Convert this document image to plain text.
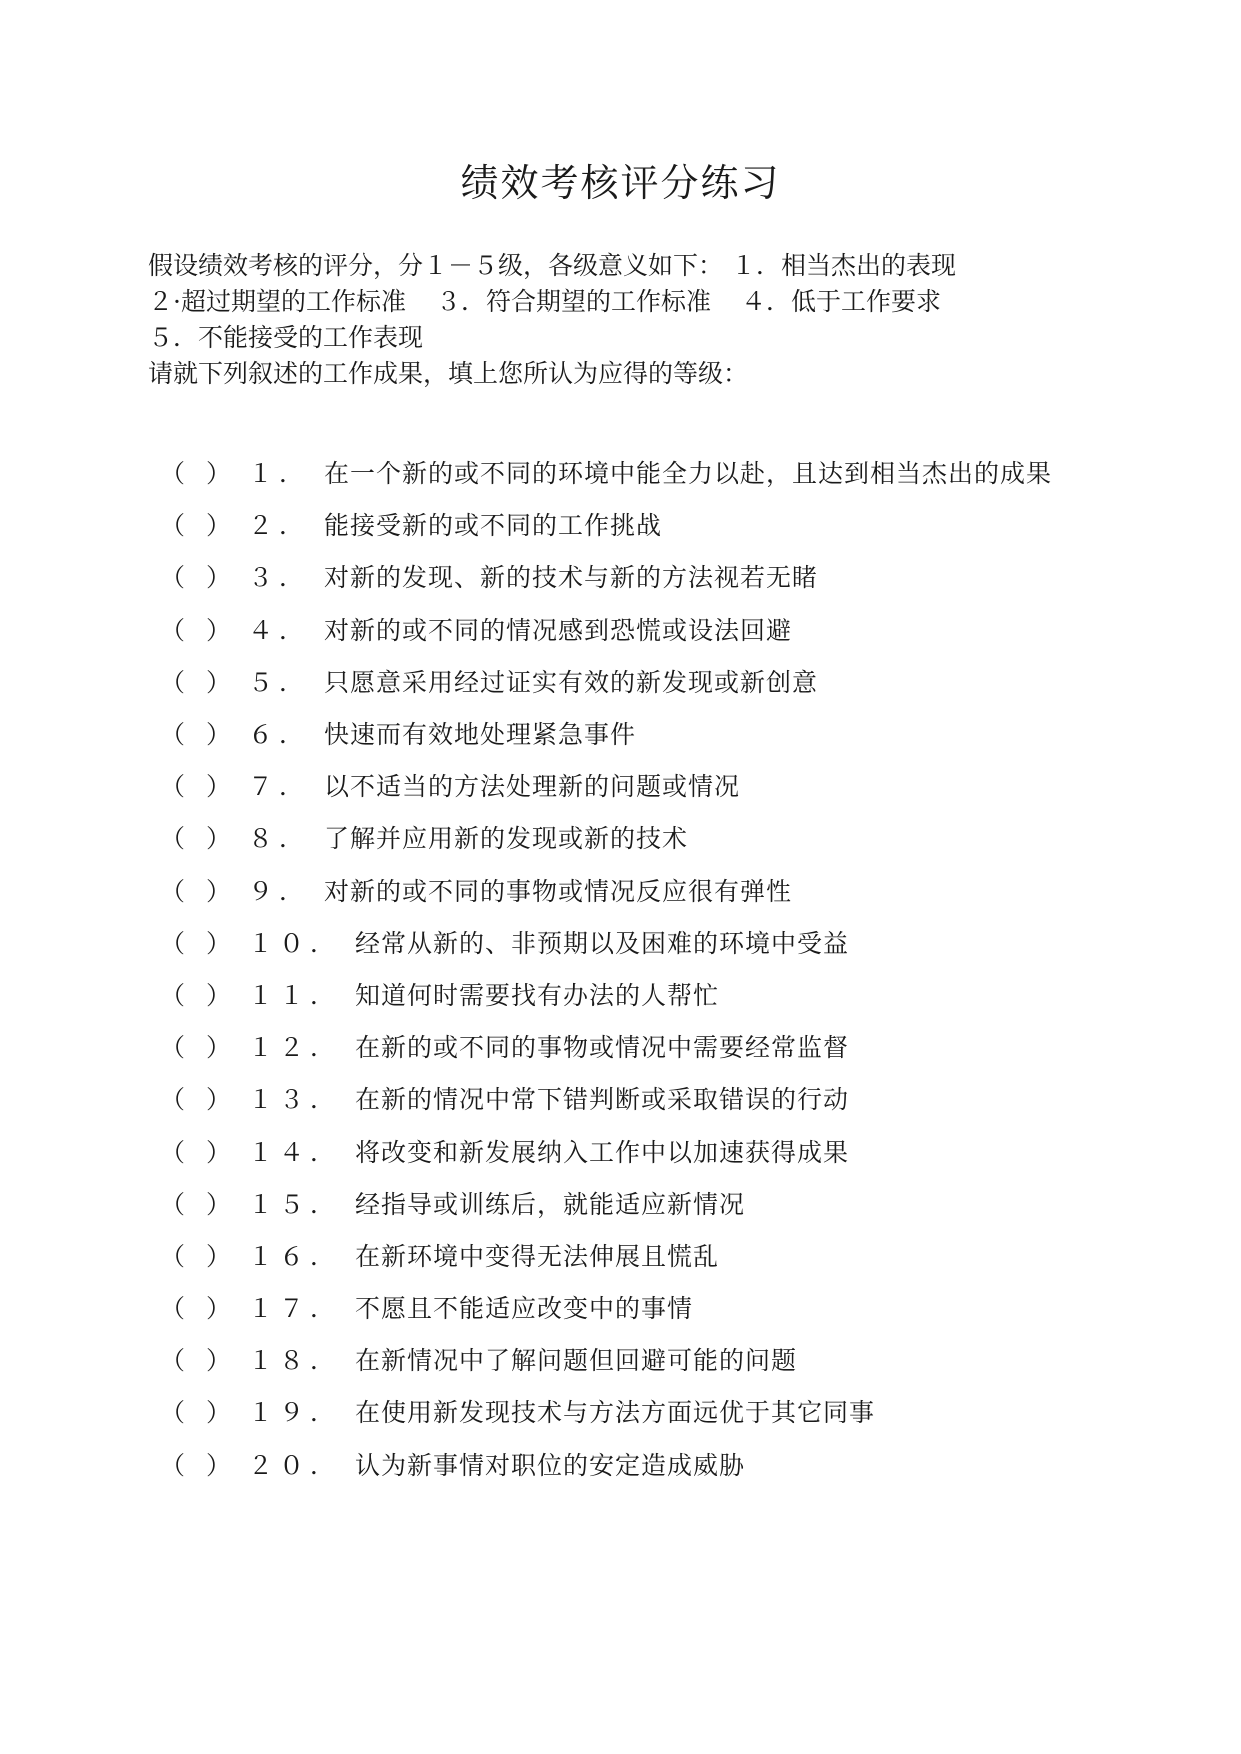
绩效考核评分练习

假设绩效考核的评分，分１－５级，各级意义如下： １．相当杰出的表现

２·超过期望的工作标准 ３．符合期望的工作标准 ４．低于工作要求

５．不能接受的工作表现

请就下列叙述的工作成果，填上您所认为应得的等级：

（ ） １． 在一个新的或不同的环境中能全力以赴，且达到相当杰出的成果
（ ） ２． 能接受新的或不同的工作挑战
（ ） ３． 对新的发现、新的技术与新的方法视若无睹
（ ） ４． 对新的或不同的情况感到恐慌或设法回避
（ ） ５． 只愿意采用经过证实有效的新发现或新创意
（ ） ６． 快速而有效地处理紧急事件
（ ） ７． 以不适当的方法处理新的问题或情况
（ ） ８． 了解并应用新的发现或新的技术
（ ） ９． 对新的或不同的事物或情况反应很有弹性
（ ） １０． 经常从新的、非预期以及困难的环境中受益
（ ） １１． 知道何时需要找有办法的人帮忙
（ ） １２． 在新的或不同的事物或情况中需要经常监督
（ ） １３． 在新的情况中常下错判断或采取错误的行动
（ ） １４． 将改变和新发展纳入工作中以加速获得成果
（ ） １５． 经指导或训练后，就能适应新情况
（ ） １６． 在新环境中变得无法伸展且慌乱
（ ） １７． 不愿且不能适应改变中的事情
（ ） １８． 在新情况中了解问题但回避可能的问题
（ ） １９． 在使用新发现技术与方法方面远优于其它同事
（ ） ２０． 认为新事情对职位的安定造成威胁
